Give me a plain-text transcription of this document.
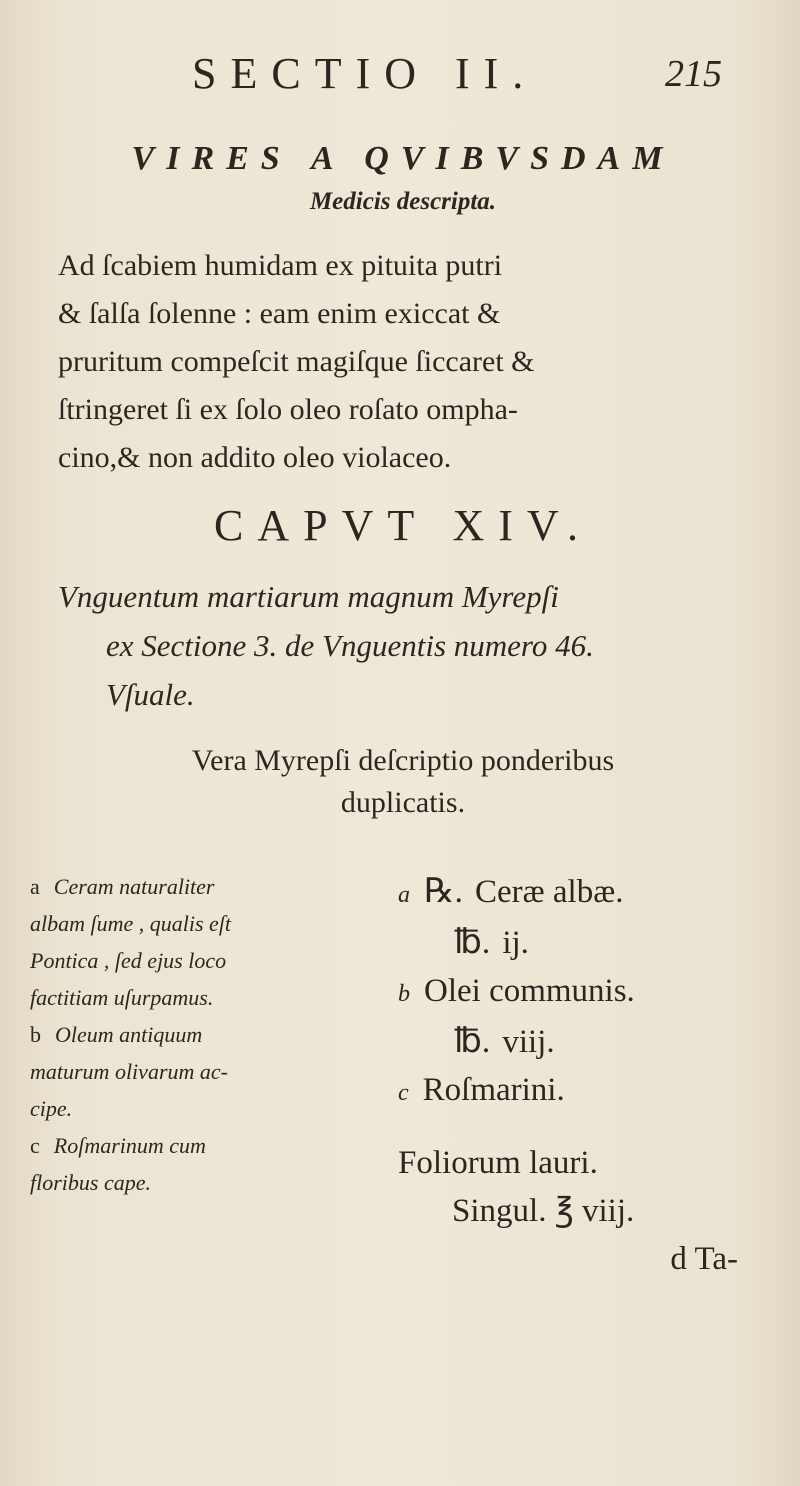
SECTIO II.	215
VIRES A QVIBVSDAM
Medicis descripta.
Ad ſcabiem humidam ex pituita putri
& ſalſa ſolenne : eam enim exiccat &
pruritum compeſcit magiſque ſiccaret &
ſtringeret ſi ex ſolo oleo roſato ompha-
cino,& non addito oleo violaceo.
CAPVT XIV.
Vnguentum martiarum magnum Myrepſi
ex Sectione 3. de Vnguentis numero 46.
Vſuale.
Vera Myrepſi deſcriptio ponderibus
duplicatis.
a Ceram naturaliter
albam ſume , qualis eſt
Pontica , ſed ejus loco
factitiam uſurpamus.
b Oleum antiquum
maturum olivarum ac-
cipe.
c Roſmarinum cum
floribus cape.
a ℞. Ceræ albæ.
℔. ij.
b Olei communis.
℔. viij.
c Roſmarini.
Foliorum lauri.
Singul. ℥ viij.
d Ta-
